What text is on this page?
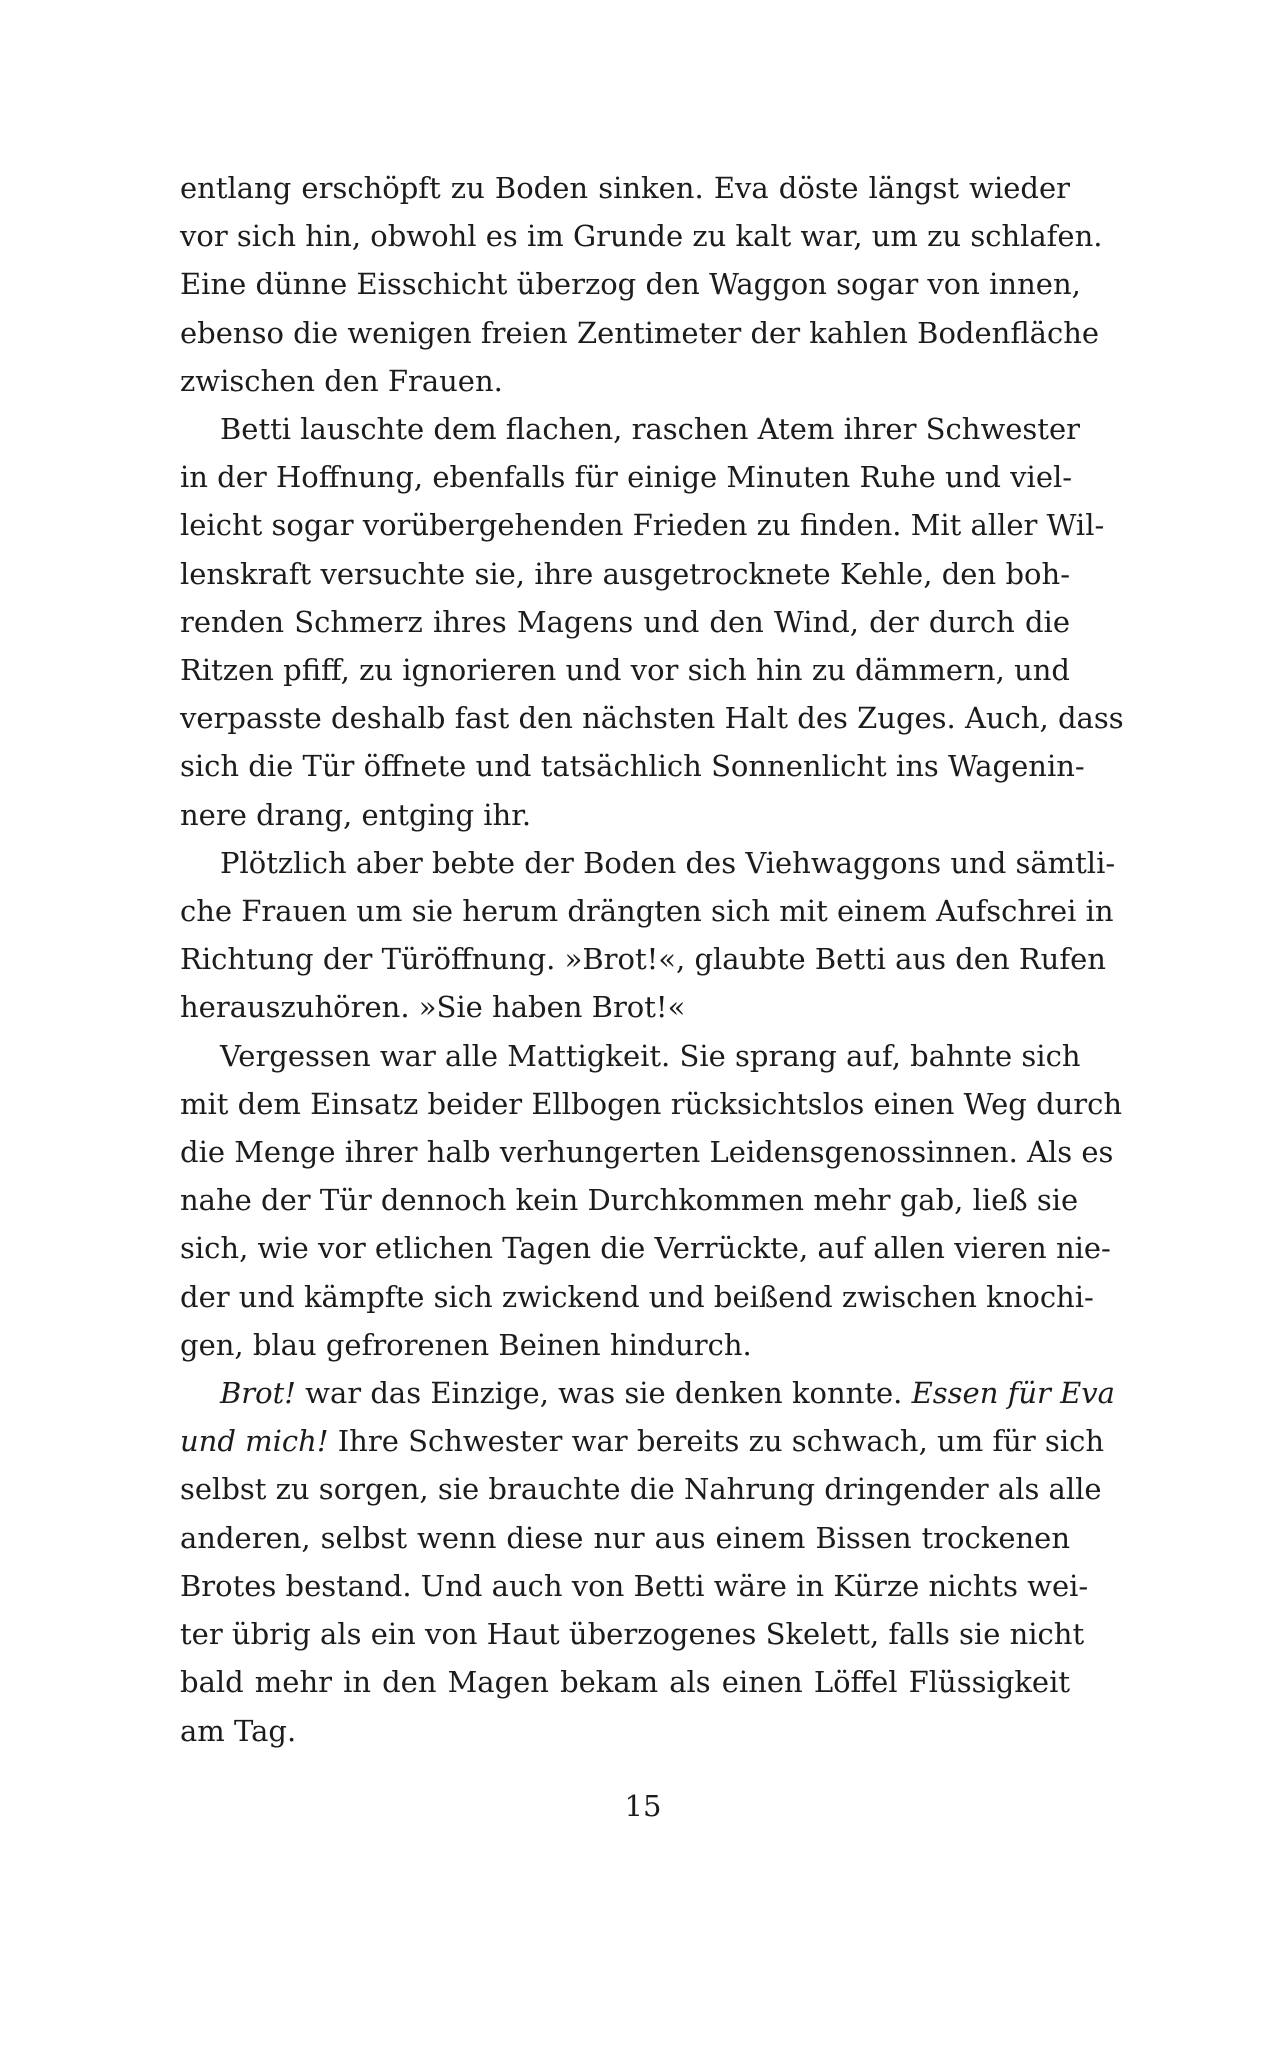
entlang erschöpft zu Boden sinken. Eva döste längst wieder
vor sich hin, obwohl es im Grunde zu kalt war, um zu schlafen.
Eine dünne Eisschicht überzog den Waggon sogar von innen,
ebenso die wenigen freien Zentimeter der kahlen Bodenfläche
zwischen den Frauen.
Betti lauschte dem flachen, raschen Atem ihrer Schwester
in der Hoffnung, ebenfalls für einige Minuten Ruhe und viel-
leicht sogar vorübergehenden Frieden zu finden. Mit aller Wil-
lenskraft versuchte sie, ihre ausgetrocknete Kehle, den boh-
renden Schmerz ihres Magens und den Wind, der durch die
Ritzen pfiff, zu ignorieren und vor sich hin zu dämmern, und
verpasste deshalb fast den nächsten Halt des Zuges. Auch, dass
sich die Tür öffnete und tatsächlich Sonnenlicht ins Wagenin-
nere drang, entging ihr.
Plötzlich aber bebte der Boden des Viehwaggons und sämtli-
che Frauen um sie herum drängten sich mit einem Aufschrei in
Richtung der Türöffnung. »Brot!«, glaubte Betti aus den Rufen
herauszuhören. »Sie haben Brot!«
Vergessen war alle Mattigkeit. Sie sprang auf, bahnte sich
mit dem Einsatz beider Ellbogen rücksichtslos einen Weg durch
die Menge ihrer halb verhungerten Leidensgenossinnen. Als es
nahe der Tür dennoch kein Durchkommen mehr gab, ließ sie
sich, wie vor etlichen Tagen die Verrückte, auf allen vieren nie-
der und kämpfte sich zwickend und beißend zwischen knochi-
gen, blau gefrorenen Beinen hindurch.
Brot! war das Einzige, was sie denken konnte. Essen für Eva
und mich! Ihre Schwester war bereits zu schwach, um für sich
selbst zu sorgen, sie brauchte die Nahrung dringender als alle
anderen, selbst wenn diese nur aus einem Bissen trockenen
Brotes bestand. Und auch von Betti wäre in Kürze nichts wei-
ter übrig als ein von Haut überzogenes Skelett, falls sie nicht
bald mehr in den Magen bekam als einen Löffel Flüssigkeit
am Tag.
15
